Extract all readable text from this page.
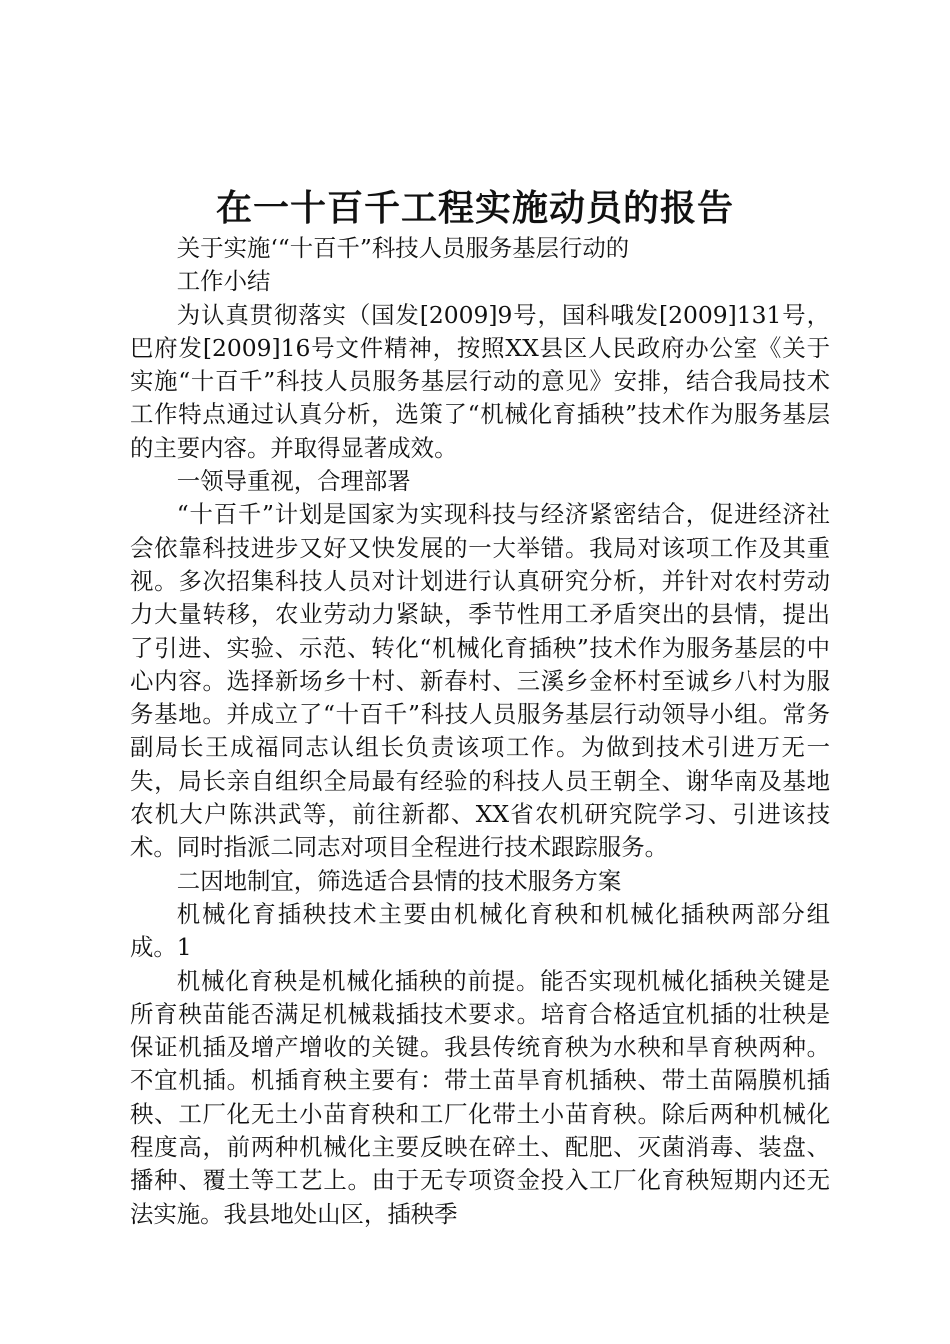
在一十百千工程实施动员的报告

关于实施‘“十百千”科技人员服务基层行动的

工作小结

为认真贯彻落实（国发[2009]9号，国科哦发[2009]131号，巴府发[2009]16号文件精神，按照XX县区人民政府办公室《关于实施“十百千”科技人员服务基层行动的意见》安排，结合我局技术工作特点通过认真分析，选策了“机械化育插秧”技术作为服务基层的主要内容。并取得显著成效。

一领导重视，合理部署

“十百千”计划是国家为实现科技与经济紧密结合，促进经济社会依靠科技进步又好又快发展的一大举错。我局对该项工作及其重视。多次招集科技人员对计划进行认真研究分析，并针对农村劳动力大量转移，农业劳动力紧缺，季节性用工矛盾突出的县情，提出了引进、实验、示范、转化“机械化育插秧”技术作为服务基层的中心内容。选择新场乡十村、新春村、三溪乡金杯村至诚乡八村为服务基地。并成立了“十百千”科技人员服务基层行动领导小组。常务副局长王成福同志认组长负责该项工作。为做到技术引进万无一失，局长亲自组织全局最有经验的科技人员王朝全、谢华南及基地农机大户陈洪武等，前往新都、XX省农机研究院学习、引进该技术。同时指派二同志对项目全程进行技术跟踪服务。

二因地制宜，筛选适合县情的技术服务方案

机械化育插秧技术主要由机械化育秧和机械化插秧两部分组成。1

机械化育秧是机械化插秧的前提。能否实现机械化插秧关键是所育秧苗能否满足机械栽插技术要求。培育合格适宜机插的壮秧是保证机插及增产增收的关键。我县传统育秧为水秧和旱育秧两种。不宜机插。机插育秧主要有：带土苗旱育机插秧、带土苗隔膜机插秧、工厂化无土小苗育秧和工厂化带土小苗育秧。除后两种机械化程度高，前两种机械化主要反映在碎土、配肥、灭菌消毒、装盘、播种、覆土等工艺上。由于无专项资金投入工厂化育秧短期内还无法实施。我县地处山区，插秧季
